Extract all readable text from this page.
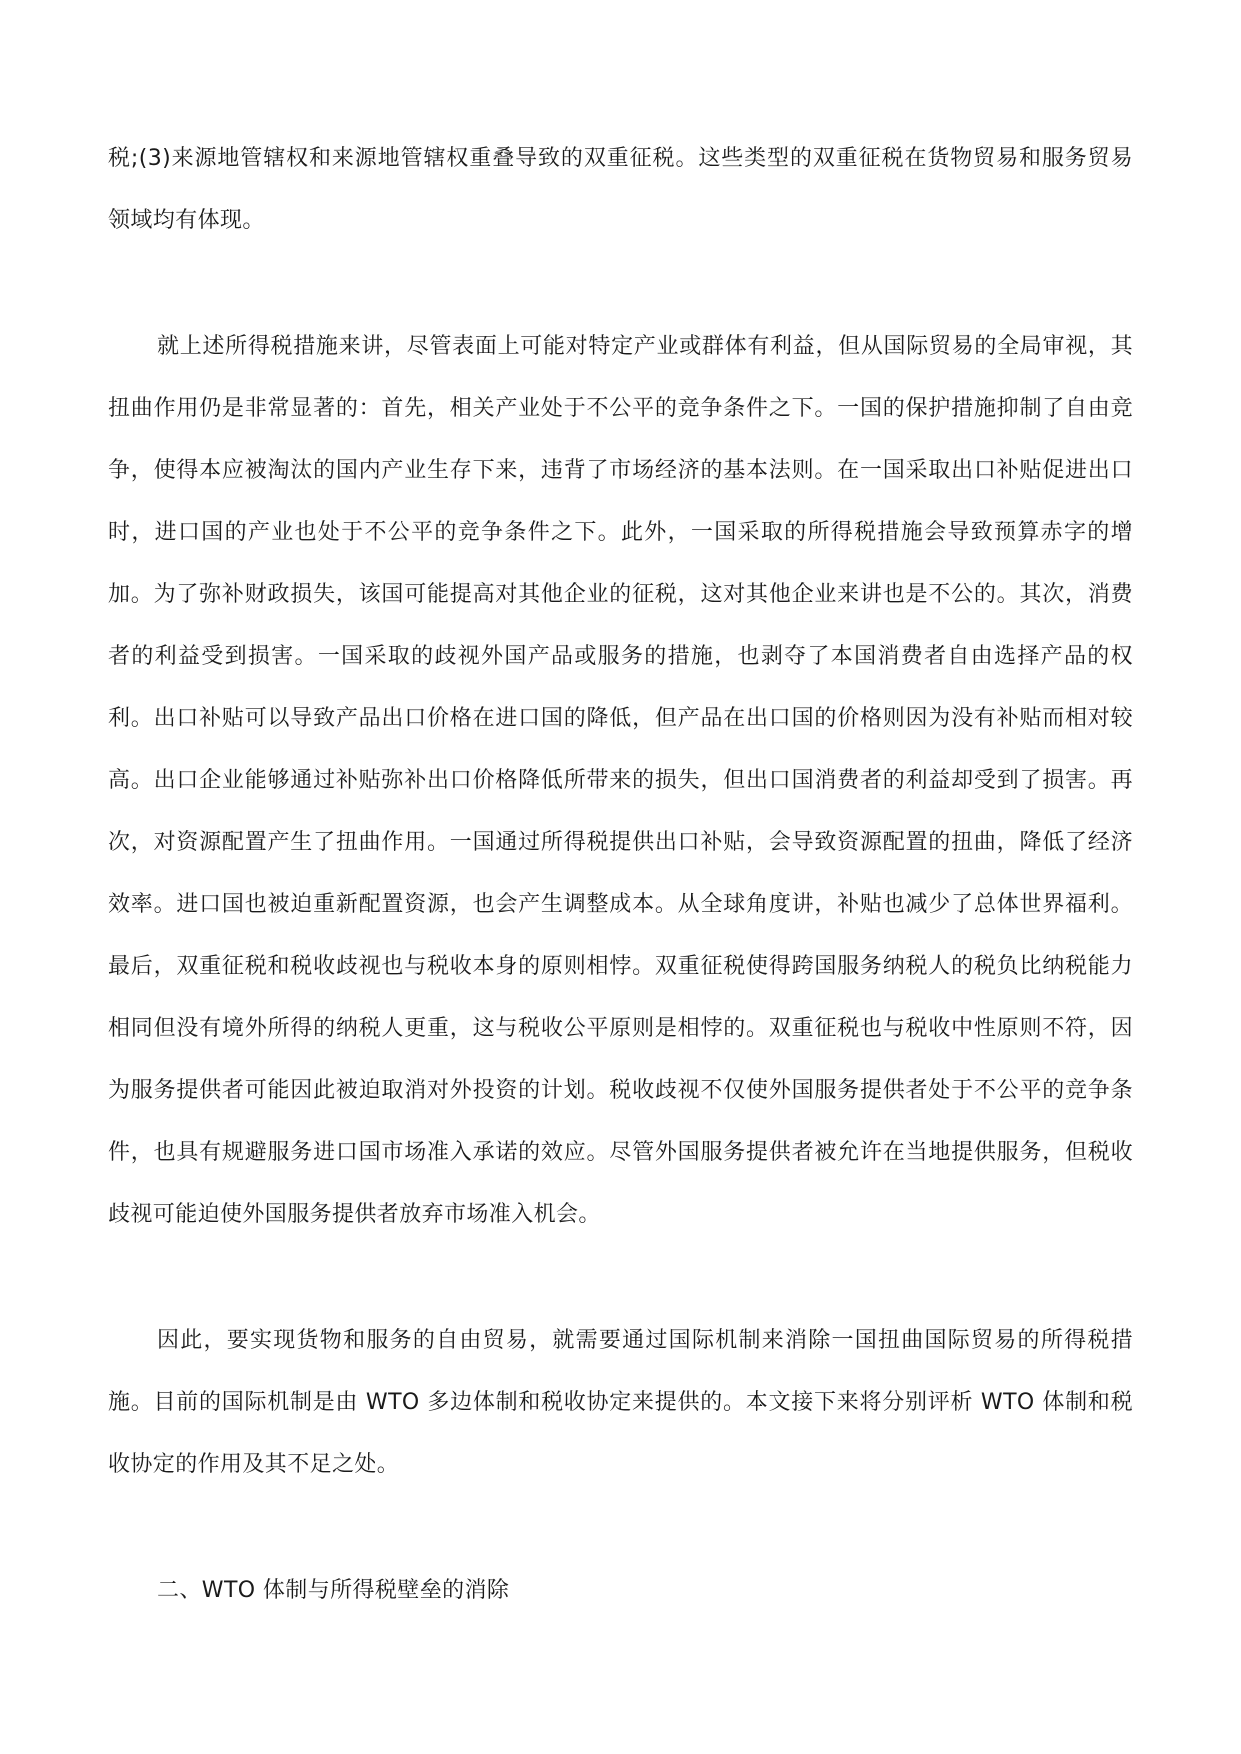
税;(3)来源地管辖权和来源地管辖权重叠导致的双重征税。这些类型的双重征税在货物贸易和服务贸易领域均有体现。

就上述所得税措施来讲，尽管表面上可能对特定产业或群体有利益，但从国际贸易的全局审视，其扭曲作用仍是非常显著的：首先，相关产业处于不公平的竞争条件之下。一国的保护措施抑制了自由竞争，使得本应被淘汰的国内产业生存下来，违背了市场经济的基本法则。在一国采取出口补贴促进出口时，进口国的产业也处于不公平的竞争条件之下。此外，一国采取的所得税措施会导致预算赤字的增加。为了弥补财政损失，该国可能提高对其他企业的征税，这对其他企业来讲也是不公的。其次，消费者的利益受到损害。一国采取的歧视外国产品或服务的措施，也剥夺了本国消费者自由选择产品的权利。出口补贴可以导致产品出口价格在进口国的降低，但产品在出口国的价格则因为没有补贴而相对较高。出口企业能够通过补贴弥补出口价格降低所带来的损失，但出口国消费者的利益却受到了损害。再次，对资源配置产生了扭曲作用。一国通过所得税提供出口补贴，会导致资源配置的扭曲，降低了经济效率。进口国也被迫重新配置资源，也会产生调整成本。从全球角度讲，补贴也减少了总体世界福利。最后，双重征税和税收歧视也与税收本身的原则相悖。双重征税使得跨国服务纳税人的税负比纳税能力相同但没有境外所得的纳税人更重，这与税收公平原则是相悖的。双重征税也与税收中性原则不符，因为服务提供者可能因此被迫取消对外投资的计划。税收歧视不仅使外国服务提供者处于不公平的竞争条件，也具有规避服务进口国市场准入承诺的效应。尽管外国服务提供者被允许在当地提供服务，但税收歧视可能迫使外国服务提供者放弃市场准入机会。

因此，要实现货物和服务的自由贸易，就需要通过国际机制来消除一国扭曲国际贸易的所得税措施。目前的国际机制是由 WTO 多边体制和税收协定来提供的。本文接下来将分别评析 WTO 体制和税收协定的作用及其不足之处。

二、WTO 体制与所得税壁垒的消除
